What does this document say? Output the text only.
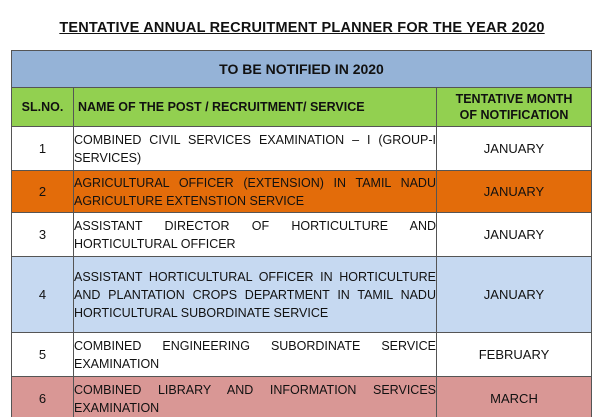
TENTATIVE ANNUAL RECRUITMENT PLANNER FOR THE YEAR 2020
TO BE NOTIFIED IN 2020		
SL.NO.	NAME OF THE POST / RECRUITMENT/ SERVICE	TENTATIVE MONTH
OF NOTIFICATION

1	COMBINED CIVIL SERVICES EXAMINATION – I (GROUP-I SERVICES)	JANUARY
2	AGRICULTURAL OFFICER (EXTENSION) IN TAMIL NADU AGRICULTURE EXTENSTION SERVICE	JANUARY
3	ASSISTANT DIRECTOR OF HORTICULTURE AND HORTICULTURAL OFFICER	JANUARY
4	ASSISTANT HORTICULTURAL OFFICER IN HORTICULTURE AND PLANTATION CROPS DEPARTMENT IN TAMIL NADU HORTICULTURAL SUBORDINATE SERVICE	JANUARY
5	COMBINED ENGINEERING SUBORDINATE SERVICE EXAMINATION	FEBRUARY
6	COMBINED LIBRARY AND INFORMATION SERVICES EXAMINATION	MARCH
